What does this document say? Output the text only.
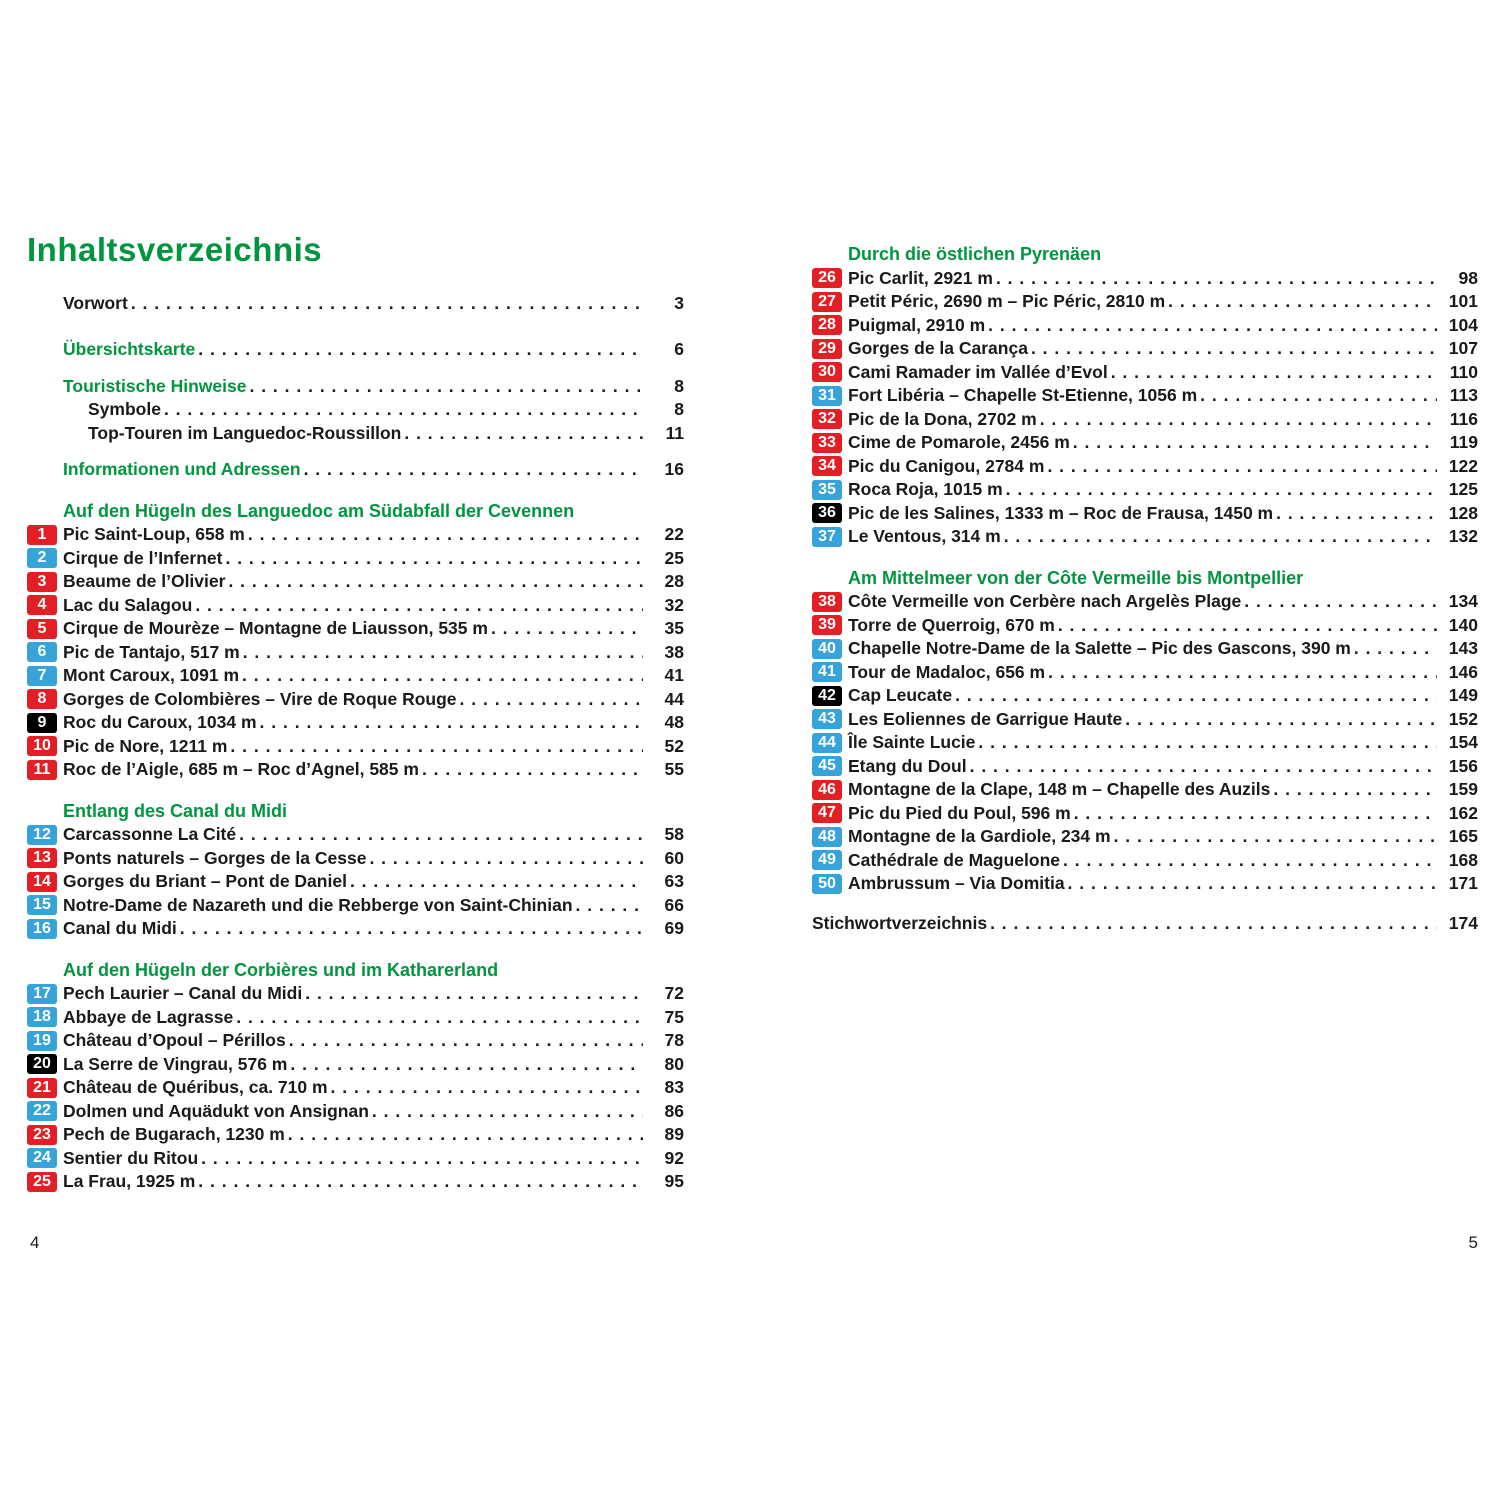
Inhaltsverzeichnis
Vorwort . . .	3
Übersichtskarte . . .	6
Touristische Hinweise . . .	8
Symbole . . .	8
Top-Touren im Languedoc-Roussillon . . .	11
Informationen und Adressen . . .	16
Auf den Hügeln des Languedoc am Südabfall der Cevennen
1 Pic Saint-Loup, 658 m . . .	22
2 Cirque de l’Infernet . . .	25
3 Beaume de l’Olivier . . .	28
4 Lac du Salagou . . .	32
5 Cirque de Mourèze – Montagne de Liausson, 535 m . . .	35
6 Pic de Tantajo, 517 m . . .	38
7 Mont Caroux, 1091 m . . .	41
8 Gorges de Colombières – Vire de Roque Rouge . . .	44
9 Roc du Caroux, 1034 m . . .	48
10 Pic de Nore, 1211 m . . .	52
11 Roc de l’Aigle, 685 m – Roc d’Agnel, 585 m . . .	55
Entlang des Canal du Midi
12 Carcassonne La Cité . . .	58
13 Ponts naturels – Gorges de la Cesse . . .	60
14 Gorges du Briant – Pont de Daniel . . .	63
15 Notre-Dame de Nazareth und die Rebberge von Saint-Chinian . . .	66
16 Canal du Midi . . .	69
Auf den Hügeln der Corbières und im Katharerland
17 Pech Laurier – Canal du Midi . . .	72
18 Abbaye de Lagrasse . . .	75
19 Château d’Opoul – Périllos . . .	78
20 La Serre de Vingrau, 576 m . . .	80
21 Château de Quéribus, ca. 710 m . . .	83
22 Dolmen und Aquädukt von Ansignan . . .	86
23 Pech de Bugarach, 1230 m . . .	89
24 Sentier du Ritou . . .	92
25 La Frau, 1925 m . . .	95
Durch die östlichen Pyrenäen
26 Pic Carlit, 2921 m . . .	98
27 Petit Péric, 2690 m – Pic Péric, 2810 m . . .	101
28 Puigmal, 2910 m . . .	104
29 Gorges de la Carança . . .	107
30 Cami Ramader im Vallée d’Evol . . .	110
31 Fort Libéria – Chapelle St-Etienne, 1056 m . . .	113
32 Pic de la Dona, 2702 m . . .	116
33 Cime de Pomarole, 2456 m . . .	119
34 Pic du Canigou, 2784 m . . .	122
35 Roca Roja, 1015 m . . .	125
36 Pic de les Salines, 1333 m – Roc de Frausa, 1450 m . . .	128
37 Le Ventous, 314 m . . .	132
Am Mittelmeer von der Côte Vermeille bis Montpellier
38 Côte Vermeille von Cerbère nach Argelès Plage . . .	134
39 Torre de Querroig, 670 m . . .	140
40 Chapelle Notre-Dame de la Salette – Pic des Gascons, 390 m . . .	143
41 Tour de Madaloc, 656 m . . .	146
42 Cap Leucate . . .	149
43 Les Eoliennes de Garrigue Haute . . .	152
44 Île Sainte Lucie . . .	154
45 Etang du Doul . . .	156
46 Montagne de la Clape, 148 m – Chapelle des Auzils . . .	159
47 Pic du Pied du Poul, 596 m . . .	162
48 Montagne de la Gardiole, 234 m . . .	165
49 Cathédrale de Maguelone . . .	168
50 Ambrussum – Via Domitia . . .	171
Stichwortverzeichnis . . .	174
4	5
